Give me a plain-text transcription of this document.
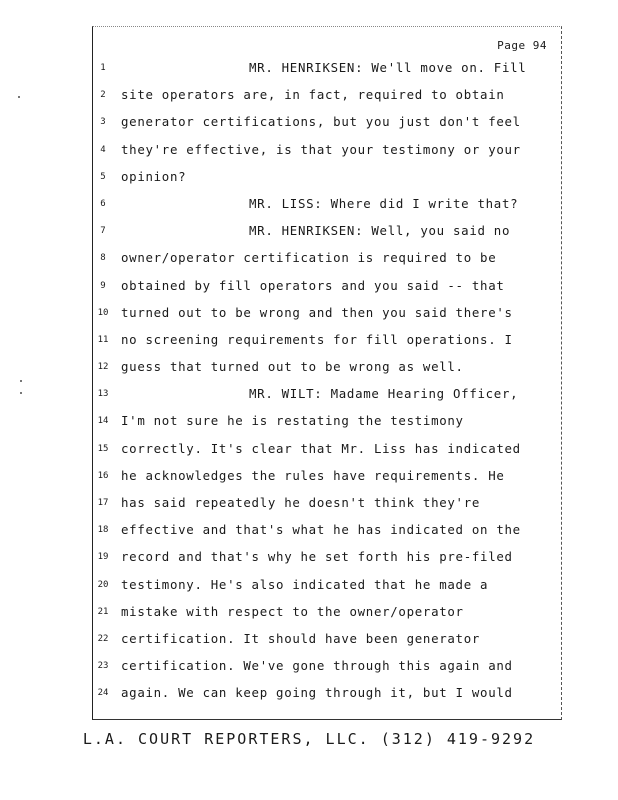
Page 94
1	MR. HENRIKSEN: We'll move on. Fill
2	site operators are, in fact, required to obtain
3	generator certifications, but you just don't feel
4	they're effective, is that your testimony or your
5	opinion?
6	MR. LISS: Where did I write that?
7	MR. HENRIKSEN: Well, you said no
8	owner/operator certification is required to be
9	obtained by fill operators and you said -- that
10	turned out to be wrong and then you said there's
11	no screening requirements for fill operations. I
12	guess that turned out to be wrong as well.
13	MR. WILT: Madame Hearing Officer,
14	I'm not sure he is restating the testimony
15	correctly. It's clear that Mr. Liss has indicated
16	he acknowledges the rules have requirements. He
17	has said repeatedly he doesn't think they're
18	effective and that's what he has indicated on the
19	record and that's why he set forth his pre-filed
20	testimony. He's also indicated that he made a
21	mistake with respect to the owner/operator
22	certification. It should have been generator
23	certification. We've gone through this again and
24	again. We can keep going through it, but I would
L.A. COURT REPORTERS, LLC. (312) 419-9292
